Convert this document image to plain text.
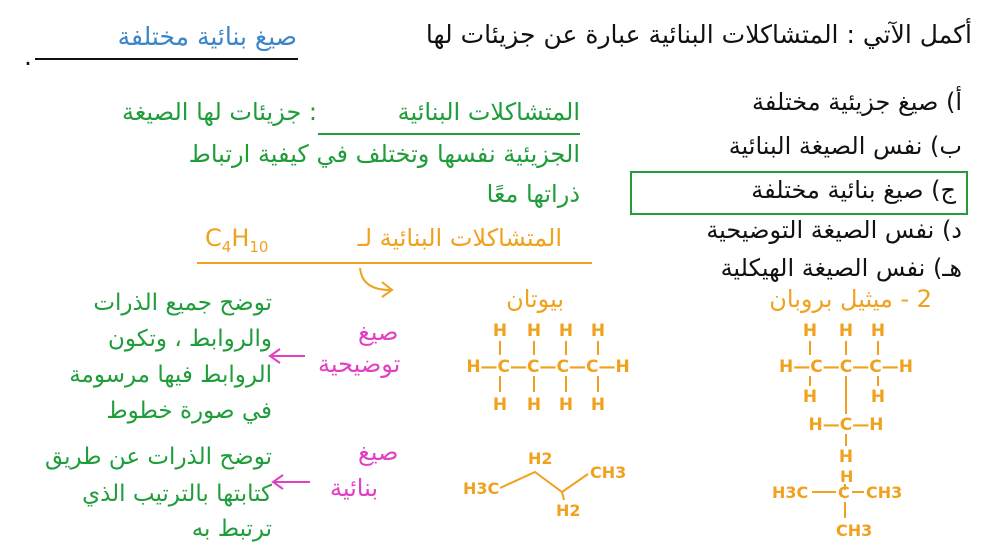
أكمل الآتي : المتشاكلات البنائية عبارة عن جزيئات لها
صيغ بنائية مختلفة
.
أ) صيغ جزيئية مختلفة
ب) نفس الصيغة البنائية
ج) صيغ بنائية مختلفة
د) نفس الصيغة التوضيحية
هـ) نفس الصيغة الهيكلية
المتشاكلات البنائية
: جزيئات لها الصيغة
الجزيئية نفسها وتختلف في كيفية ارتباط
ذراتها معًا
المتشاكلات البنائية لـ
$C_4H_{10}$
بيوتان	2 - ميثيل بروبان
صيغ
توضيحية
صيغ
بنائية
توضح جميع الذرات
والروابط ، وتكون
الروابط فيها مرسومة
في صورة خطوط
توضح الذرات عن طريق
كتابتها بالترتيب الذي
ترتبط به
H H H H
H—C—C—C—C—H
H H H H
H H H
H—C—C—C—H
H	H
H—C—H
H
H3C
H2
H2
CH3	H
H3C C CH3
CH3
